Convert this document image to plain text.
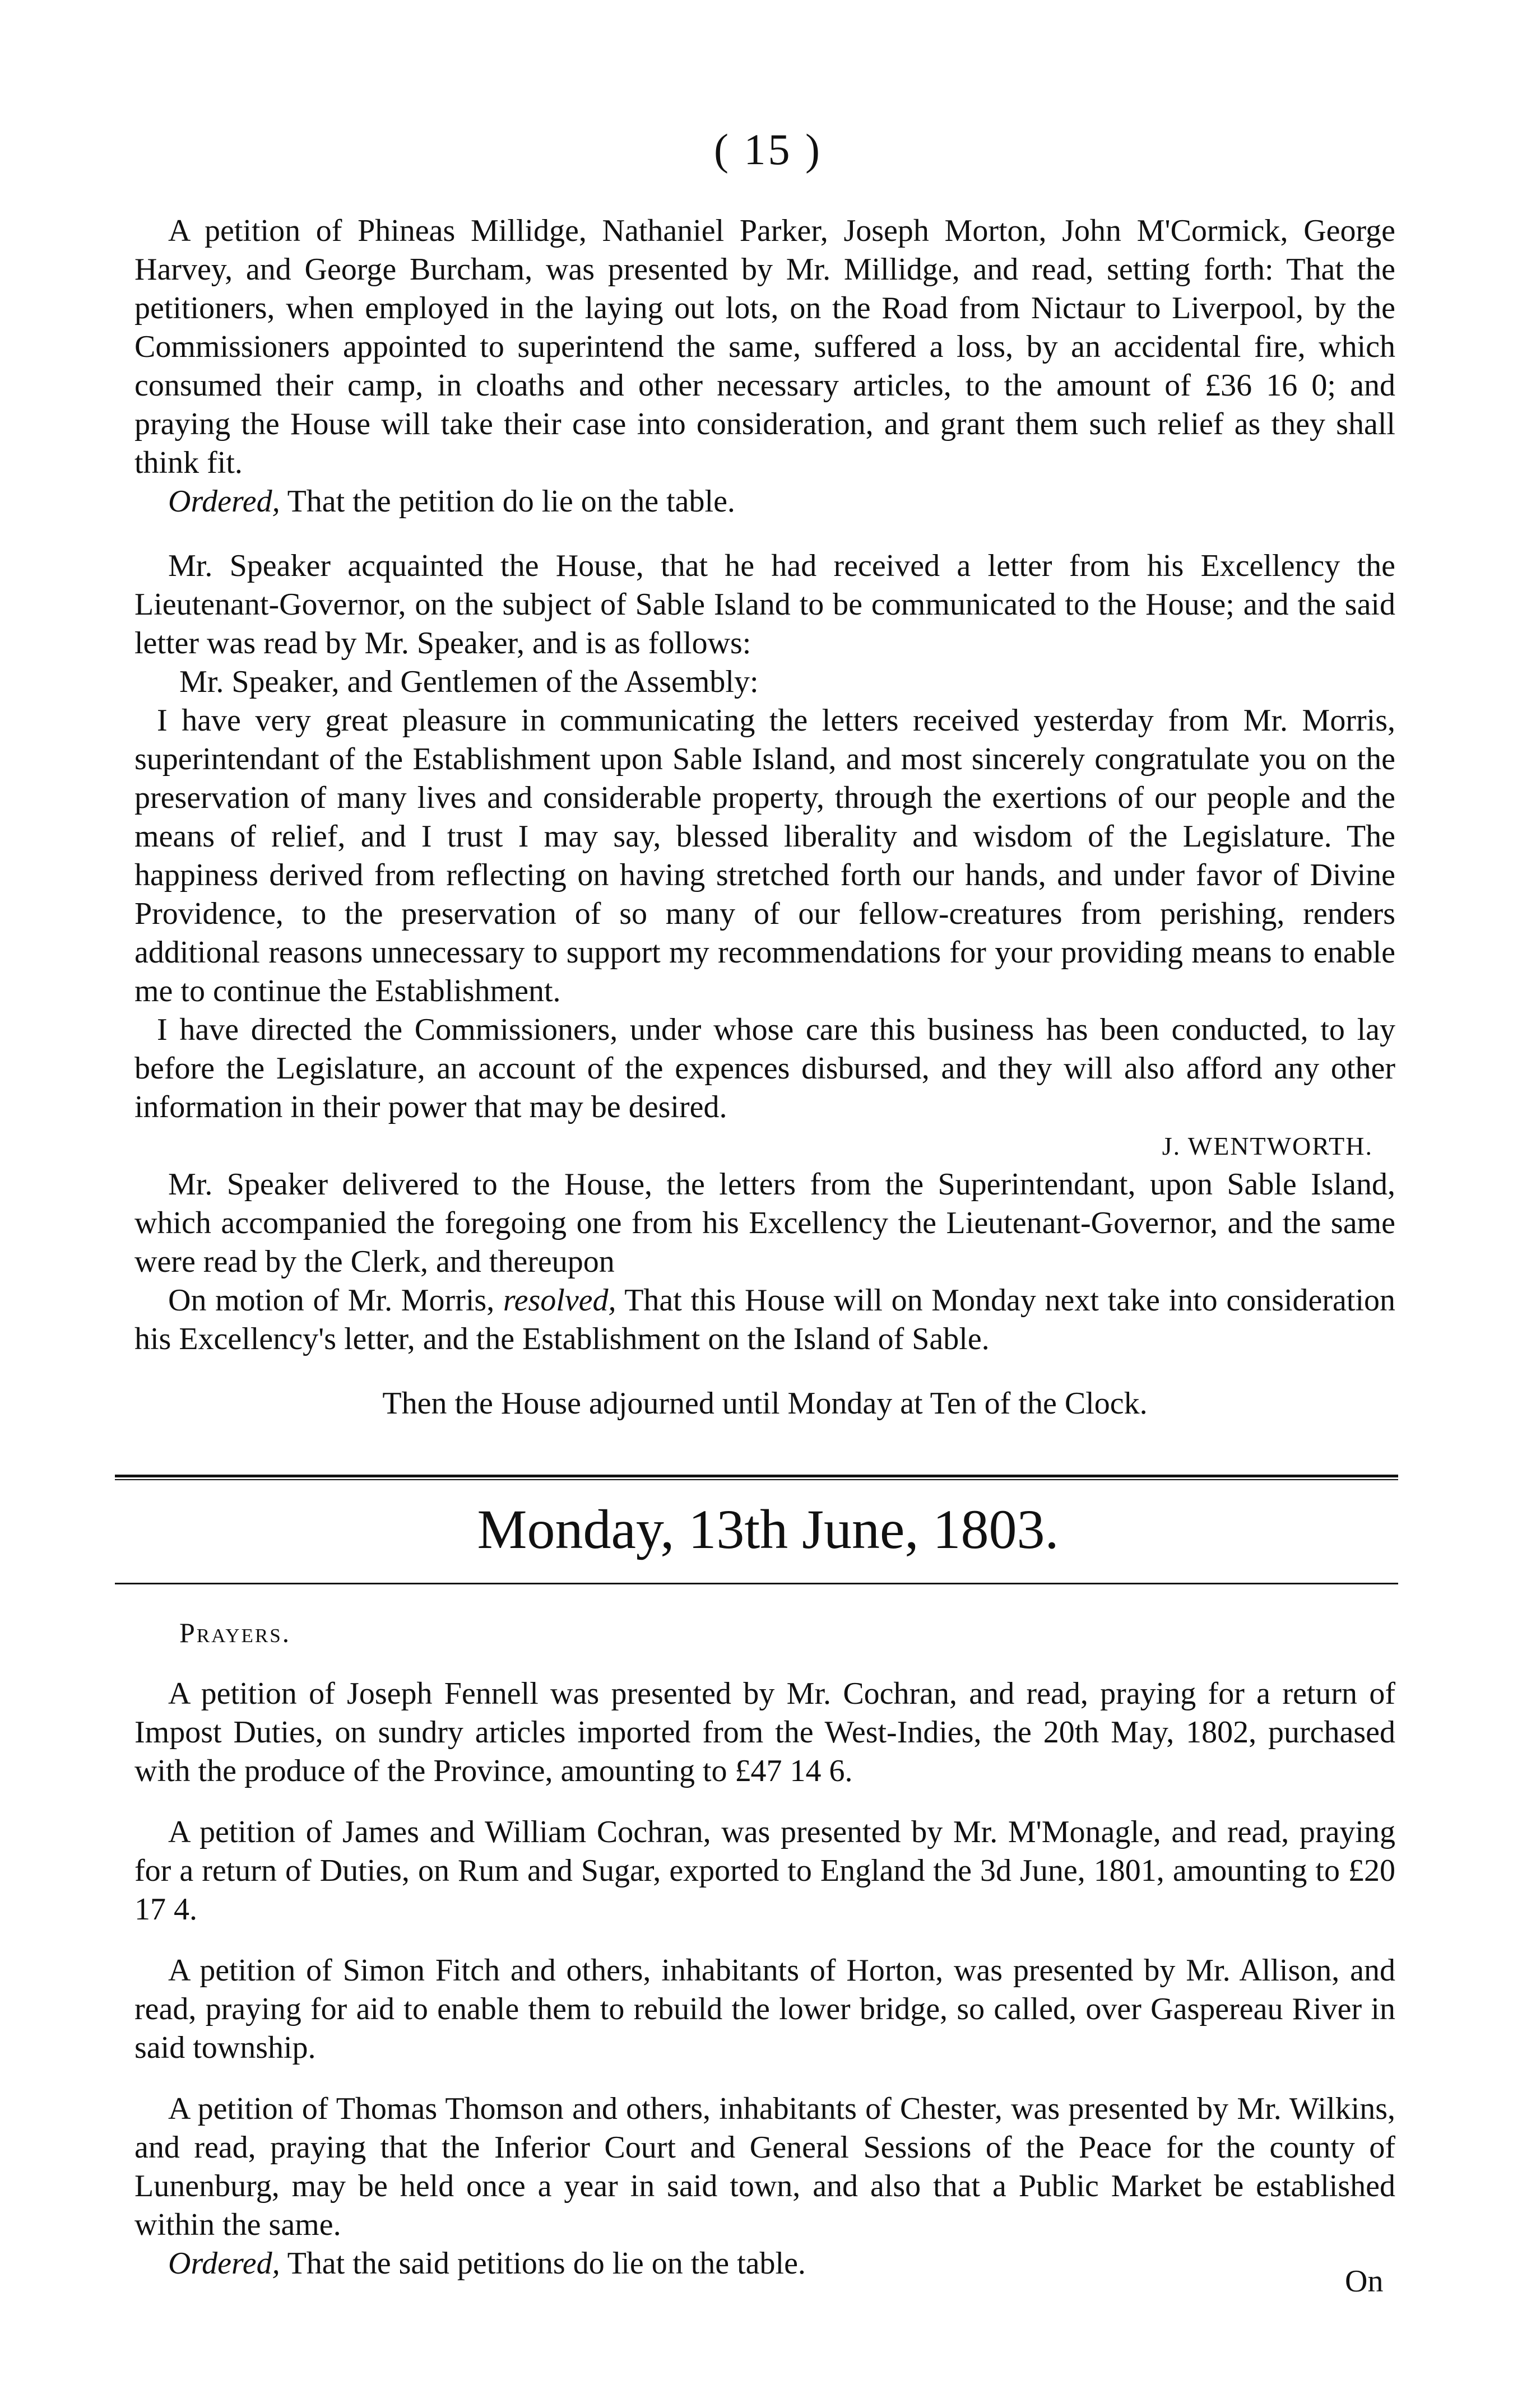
( 15 )

A petition of Phineas Millidge, Nathaniel Parker, Joseph Morton, John M'Cormick, George Harvey, and George Burcham, was presented by Mr. Millidge, and read, setting forth: That the petitioners, when employed in the laying out lots, on the Road from Nictaur to Liverpool, by the Commissioners appointed to superintend the same, suffered a loss, by an accidental fire, which consumed their camp, in cloaths and other necessary articles, to the amount of £36 16 0; and praying the House will take their case into consideration, and grant them such relief as they shall think fit.

Ordered, That the petition do lie on the table.

Mr. Speaker acquainted the House, that he had received a letter from his Excellency the Lieutenant-Governor, on the subject of Sable Island to be communicated to the House; and the said letter was read by Mr. Speaker, and is as follows:

Mr. Speaker, and Gentlemen of the Assembly:

I have very great pleasure in communicating the letters received yesterday from Mr. Morris, superintendant of the Establishment upon Sable Island, and most sincerely congratulate you on the preservation of many lives and considerable property, through the exertions of our people and the means of relief, and I trust I may say, blessed liberality and wisdom of the Legislature. The happiness derived from reflecting on having stretched forth our hands, and under favor of Divine Providence, to the preservation of so many of our fellow-creatures from perishing, renders additional reasons unnecessary to support my recommendations for your providing means to enable me to continue the Establishment.

I have directed the Commissioners, under whose care this business has been conducted, to lay before the Legislature, an account of the expences disbursed, and they will also afford any other information in their power that may be desired.

J. WENTWORTH.

Mr. Speaker delivered to the House, the letters from the Superintendant, upon Sable Island, which accompanied the foregoing one from his Excellency the Lieutenant-Governor, and the same were read by the Clerk, and thereupon

On motion of Mr. Morris, resolved, That this House will on Monday next take into consideration his Excellency's letter, and the Establishment on the Island of Sable.

Then the House adjourned until Monday at Ten of the Clock.

Monday, 13th June, 1803.

Prayers.

A petition of Joseph Fennell was presented by Mr. Cochran, and read, praying for a return of Impost Duties, on sundry articles imported from the West-Indies, the 20th May, 1802, purchased with the produce of the Province, amounting to £47 14 6.

A petition of James and William Cochran, was presented by Mr. M'Monagle, and read, praying for a return of Duties, on Rum and Sugar, exported to England the 3d June, 1801, amounting to £20 17 4.

A petition of Simon Fitch and others, inhabitants of Horton, was presented by Mr. Allison, and read, praying for aid to enable them to rebuild the lower bridge, so called, over Gaspereau River in said township.

A petition of Thomas Thomson and others, inhabitants of Chester, was presented by Mr. Wilkins, and read, praying that the Inferior Court and General Sessions of the Peace for the county of Lunenburg, may be held once a year in said town, and also that a Public Market be established within the same.

Ordered, That the said petitions do lie on the table.

On
